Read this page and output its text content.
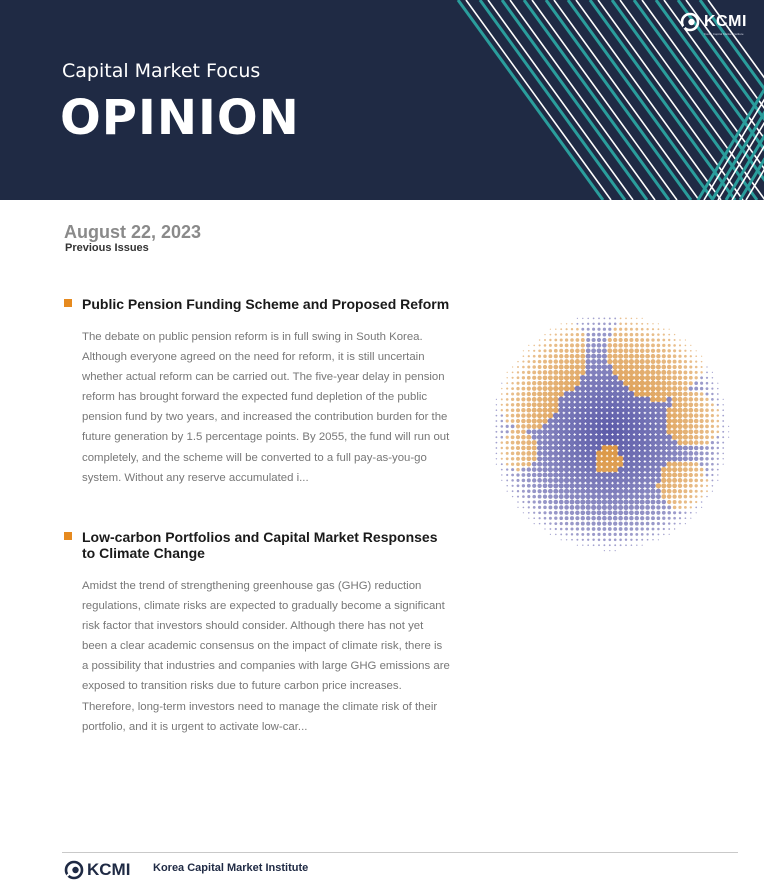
Capital Market Focus
OPINION
KCMI
Korea Capital Market Institute
August 22, 2023
Previous Issues
Public Pension Funding Scheme and Proposed Reform
The debate on public pension reform is in full swing in South Korea. Although everyone agreed on the need for reform, it is still uncertain whether actual reform can be carried out. The five-year delay in pension reform has brought forward the expected fund depletion of the public pension fund by two years, and increased the contribution burden for the future generation by 1.5 percentage points. By 2055, the fund will run out completely, and the scheme will be converted to a full pay-as-you-go system. Without any reserve accumulated i...
Low-carbon Portfolios and Capital Market Responses to Climate Change
Amidst the trend of strengthening greenhouse gas (GHG) reduction regulations, climate risks are expected to gradually become a significant risk factor that investors should consider. Although there has not yet been a clear academic consensus on the impact of climate risk, there is a possibility that industries and companies with large GHG emissions are exposed to transition risks due to future carbon price increases. Therefore, long-term investors need to manage the climate risk of their portfolio, and it is urgent to activate low-car...
KCMI Korea Capital Market Institute
